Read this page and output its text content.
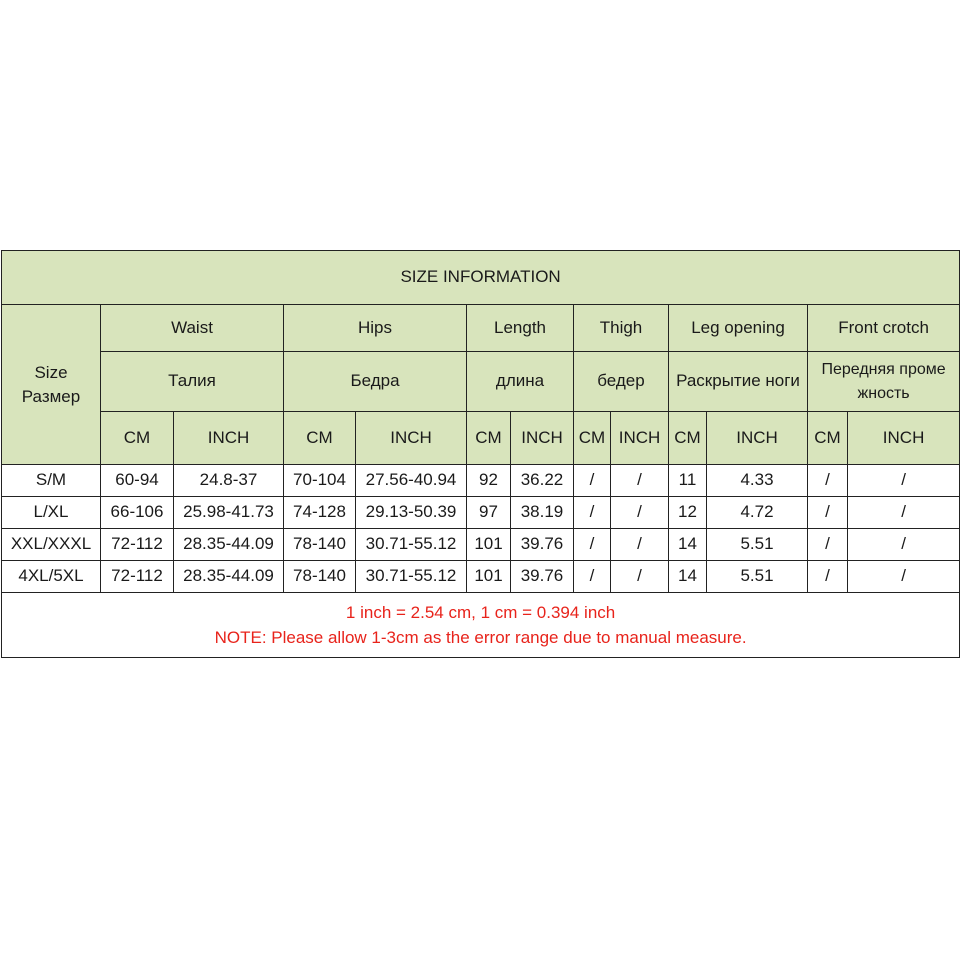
SIZE INFORMATION												
Size
Размер	Waist		Hips		Length		Thigh		Leg opening		Front crotch	
	Талия		Бедра		длина		бедер		Раскрытие ноги		Передняя проме
жность	
	CM	INCH	CM	INCH	CM	INCH	CM	INCH	CM	INCH	CM	INCH
S/M	60-94	24.8-37	70-104	27.56-40.94	92	36.22	/	/	11	4.33	/	/
L/XL	66-106	25.98-41.73	74-128	29.13-50.39	97	38.19	/	/	12	4.72	/	/
XXL/XXXL	72-112	28.35-44.09	78-140	30.71-55.12	101	39.76	/	/	14	5.51	/	/
4XL/5XL	72-112	28.35-44.09	78-140	30.71-55.12	101	39.76	/	/	14	5.51	/	/
1 inch = 2.54 cm, 1 cm = 0.394 inch
NOTE: Please allow 1-3cm as the error range due to manual measure.												
